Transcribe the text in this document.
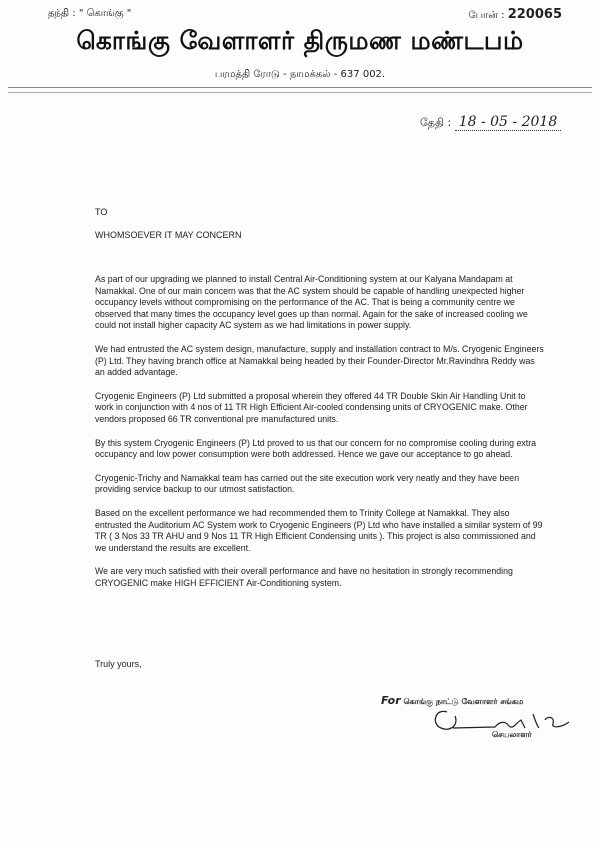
தந்தி : " கொங்கு "	போன் : 220065
கொங்கு வேளாளர் திருமண மண்டபம்
பரமத்தி ரோடு - நாமக்கல் - 637 002.
தேதி : 18 - 05 - 2018
TO
WHOMSOEVER IT MAY CONCERN

As part of our upgrading we planned to install Central Air-Conditioning system at our Kalyana Mandapam at Namakkal. One of our main concern was that the AC system should be capable of handling unexpected higher occupancy levels without compromising on the performance of the AC. That is being a community centre we observed that many times the occupancy level goes up than normal. Again for the sake of increased cooling we could not install higher capacity AC system as we had limitations in power supply.

We had entrusted the AC system design, manufacture, supply and installation contract to M/s. Cryogenic Engineers (P) Ltd. They having branch office at Namakkal being headed by their Founder-Director Mr.Ravindhra Reddy was an added advantage.

Cryogenic Engineers (P) Ltd submitted a proposal wherein they offered 44 TR Double Skin Air Handling Unit to work in conjunction with 4 nos of 11 TR High Efficient Air-cooled condensing units of CRYOGENIC make. Other vendors proposed 66 TR conventional pre manufactured units.

By this system Cryogenic Engineers (P) Ltd proved to us that our concern for no compromise cooling during extra occupancy and low power consumption were both addressed. Hence we gave our acceptance to go ahead.

Cryogenic-Trichy and Namakkal team has carried out the site execution work very neatly and they have been providing service backup to our utmost satisfaction.

Based on the excellent performance we had recommended them to Trinity College at Namakkal. They also entrusted the Auditorium AC System work to Cryogenic Engineers (P) Ltd who have installed a similar system of 99 TR ( 3 Nos 33 TR AHU and 9 Nos 11 TR High Efficient Condensing units ). This project is also commissioned and we understand the results are excellent.

We are very much satisfied with their overall performance and have no hesitation in strongly recommending CRYOGENIC make HIGH EFFICIENT Air-Conditioning system.

Truly yours,
For கொங்கு நாட்டு வேளாளர் சங்கம
செயலாளர்
